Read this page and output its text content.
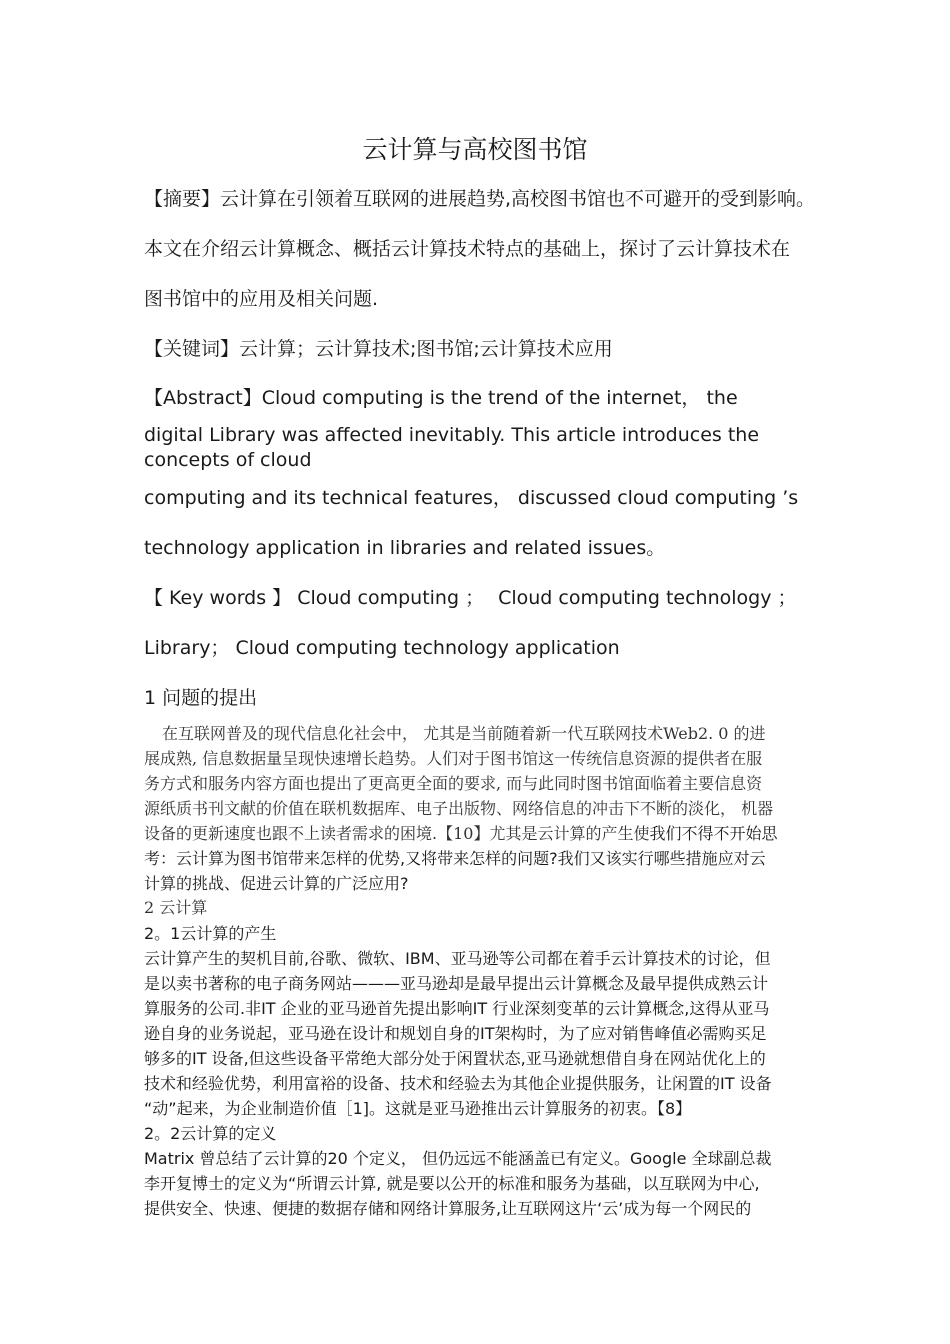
云计算与高校图书馆
【摘要】云计算在引领着互联网的进展趋势,高校图书馆也不可避开的受到影响。
本文在介绍云计算概念、概括云计算技术特点的基础上，探讨了云计算技术在
图书馆中的应用及相关问题.
【关键词】云计算；云计算技术;图书馆;云计算技术应用
【Abstract】Cloud computing is the trend of the internet， the
digital Library was affected inevitably. This article introduces the
concepts of cloud
computing and its technical features， discussed cloud computing ’s
technology application in libraries and related issues。
【 Key words 】 Cloud computing ； Cloud computing technology ；
Library； Cloud computing technology application
1 问题的提出
在互联网普及的现代信息化社会中， 尤其是当前随着新一代互联网技术Web2. 0 的进
展成熟, 信息数据量呈现快速增长趋势。人们对于图书馆这一传统信息资源的提供者在服
务方式和服务内容方面也提出了更高更全面的要求, 而与此同时图书馆面临着主要信息资
源纸质书刊文献的价值在联机数据库、电子出版物、网络信息的冲击下不断的淡化， 机器
设备的更新速度也跟不上读者需求的困境.【10】尤其是云计算的产生使我们不得不开始思
考：云计算为图书馆带来怎样的优势,又将带来怎样的问题?我们又该实行哪些措施应对云
计算的挑战、促进云计算的广泛应用?
2 云计算
2。1云计算的产生
云计算产生的契机目前,谷歌、微软、IBM、亚马逊等公司都在着手云计算技术的讨论，但
是以卖书著称的电子商务网站———亚马逊却是最早提出云计算概念及最早提供成熟云计
算服务的公司.非IT 企业的亚马逊首先提出影响IT 行业深刻变革的云计算概念,这得从亚马
逊自身的业务说起，亚马逊在设计和规划自身的IT架构时，为了应对销售峰值必需购买足
够多的IT 设备,但这些设备平常绝大部分处于闲置状态,亚马逊就想借自身在网站优化上的
技术和经验优势，利用富裕的设备、技术和经验去为其他企业提供服务，让闲置的IT 设备
“动”起来，为企业制造价值［1]。这就是亚马逊推出云计算服务的初衷。【8】
2。2云计算的定义
Matrix 曾总结了云计算的20 个定义， 但仍远远不能涵盖已有定义。Google 全球副总裁
李开复博士的定义为“所谓云计算, 就是要以公开的标准和服务为基础，以互联网为中心,
提供安全、快速、便捷的数据存储和网络计算服务,让互联网这片‘云’成为每一个网民的
